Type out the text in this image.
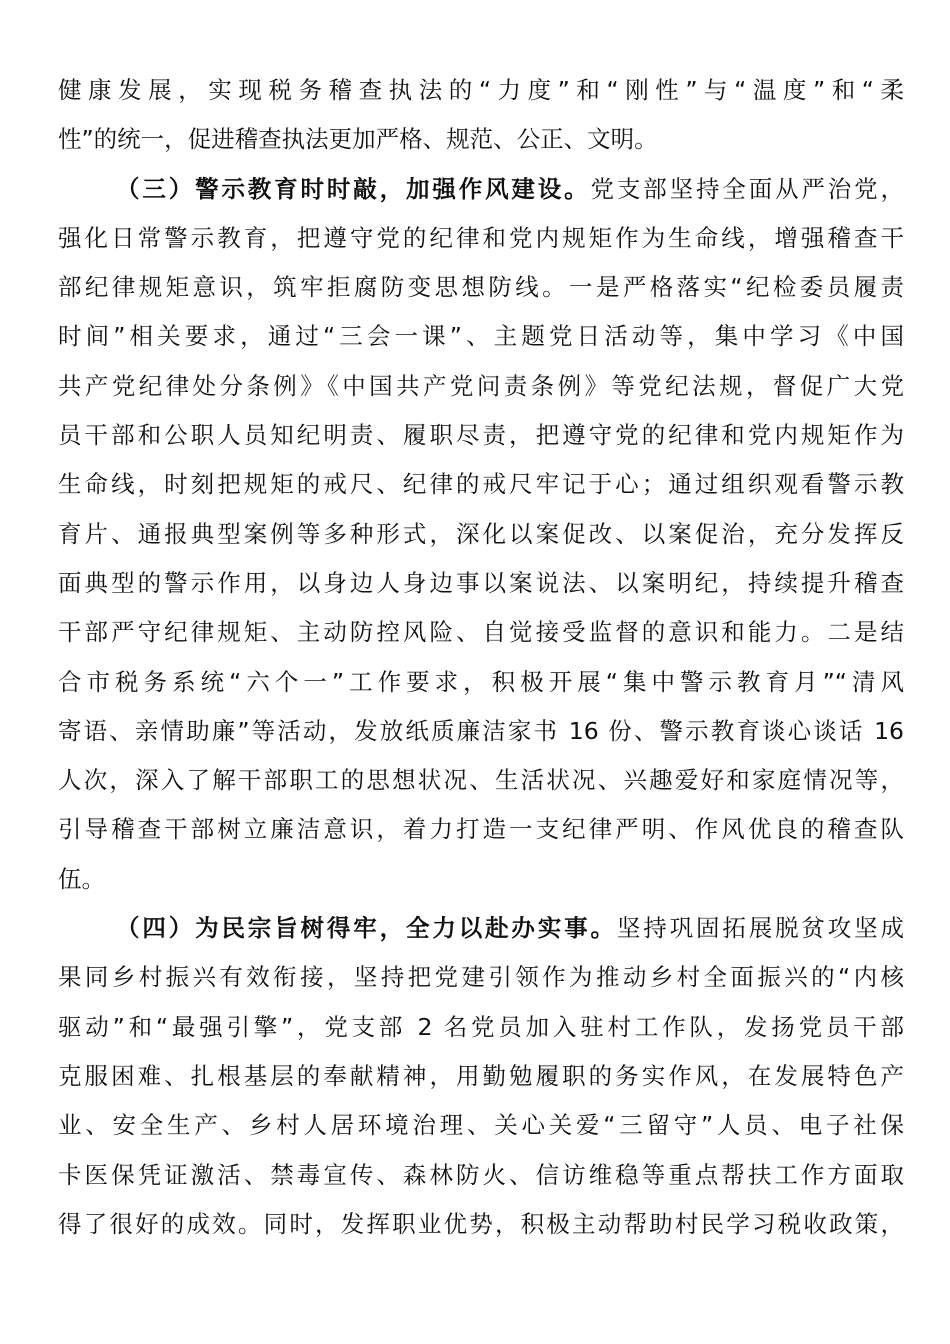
健康发展，实现税务稽查执法的“力度”和“刚性”与“温度”和“柔
性”的统一，促进稽查执法更加严格、规范、公正、文明。
（三）警示教育时时敲，加强作风建设。党支部坚持全面从严治党，
强化日常警示教育，把遵守党的纪律和党内规矩作为生命线，增强稽查干
部纪律规矩意识，筑牢拒腐防变思想防线。一是严格落实“纪检委员履责
时间”相关要求，通过“三会一课”、主题党日活动等，集中学习《中国
共产党纪律处分条例》《中国共产党问责条例》等党纪法规，督促广大党
员干部和公职人员知纪明责、履职尽责，把遵守党的纪律和党内规矩作为
生命线，时刻把规矩的戒尺、纪律的戒尺牢记于心；通过组织观看警示教
育片、通报典型案例等多种形式，深化以案促改、以案促治，充分发挥反
面典型的警示作用，以身边人身边事以案说法、以案明纪，持续提升稽查
干部严守纪律规矩、主动防控风险、自觉接受监督的意识和能力。二是结
合市税务系统“六个一”工作要求，积极开展“集中警示教育月”“清风
寄语、亲情助廉”等活动，发放纸质廉洁家书 16 份、警示教育谈心谈话 16
人次，深入了解干部职工的思想状况、生活状况、兴趣爱好和家庭情况等，
引导稽查干部树立廉洁意识，着力打造一支纪律严明、作风优良的稽查队
伍。
（四）为民宗旨树得牢，全力以赴办实事。坚持巩固拓展脱贫攻坚成
果同乡村振兴有效衔接，坚持把党建引领作为推动乡村全面振兴的“内核
驱动”和“最强引擎”，党支部 2 名党员加入驻村工作队，发扬党员干部
克服困难、扎根基层的奉献精神，用勤勉履职的务实作风，在发展特色产
业、安全生产、乡村人居环境治理、关心关爱“三留守”人员、电子社保
卡医保凭证激活、禁毒宣传、森林防火、信访维稳等重点帮扶工作方面取
得了很好的成效。同时，发挥职业优势，积极主动帮助村民学习税收政策，
